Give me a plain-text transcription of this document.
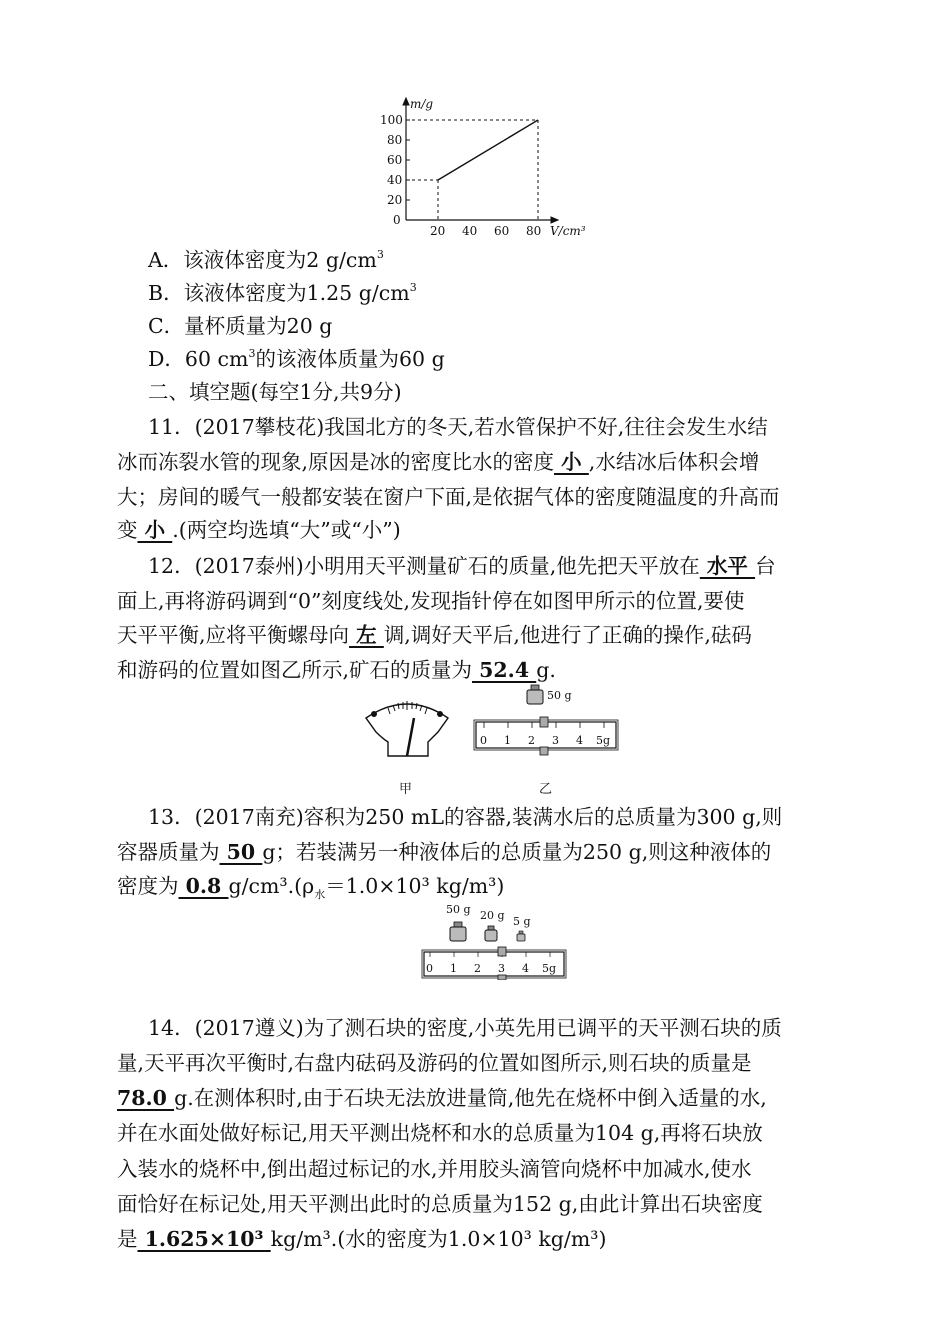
m/g
V/cm³
100
80
60
40
20
0
20 40 60 80
A．该液体密度为2 $g/cm^3$
B．该液体密度为1.25 $g/cm^3$
C．量杯质量为20 g
D．60 $cm^3$的该液体质量为60 g
二、填空题(每空1分,共9分)
11．(2017攀枝花)我国北方的冬天,若水管保护不好,往往会发生水结
冰而冻裂水管的现象,原因是冰的密度比水的密度 小 ,水结冰后体积会增
大；房间的暖气一般都安装在窗户下面,是依据气体的密度随温度的升高而
变 小 .(两空均选填“大”或“小”)
12．(2017泰州)小明用天平测量矿石的质量,他先把天平放在 水平 台
面上,再将游码调到“0”刻度线处,发现指针停在如图甲所示的位置,要使
天平平衡,应将平衡螺母向 左 调,调好天平后,他进行了正确的操作,砝码
和游码的位置如图乙所示,矿石的质量为 52.4 g.
甲
50 g
0 1 2 3 4 5g
乙
13．(2017南充)容积为250 mL的容器,装满水后的总质量为300 g,则
容器质量为 50 g；若装满另一种液体后的总质量为250 g,则这种液体的
密度为 0.8 $g/cm^3.(\rho_水=1.0\times 10^3$ kg/m³)
50 g 20 g 5 g
0 1 2 3 4 5g
14．(2017遵义)为了测石块的密度,小英先用已调平的天平测石块的质
量,天平再次平衡时,右盘内砝码及游码的位置如图所示,则石块的质量是
78.0 g.在测体积时,由于石块无法放进量筒,他先在烧杯中倒入适量的水,
并在水面处做好标记,用天平测出烧杯和水的总质量为104 g,再将石块放
入装水的烧杯中,倒出超过标记的水,并用胶头滴管向烧杯中加减水,使水
面恰好在标记处,用天平测出此时的总质量为152 g,由此计算出石块密度
是 1.625×10³ kg/m³.(水的密度为1.0×10³ kg/m³)
